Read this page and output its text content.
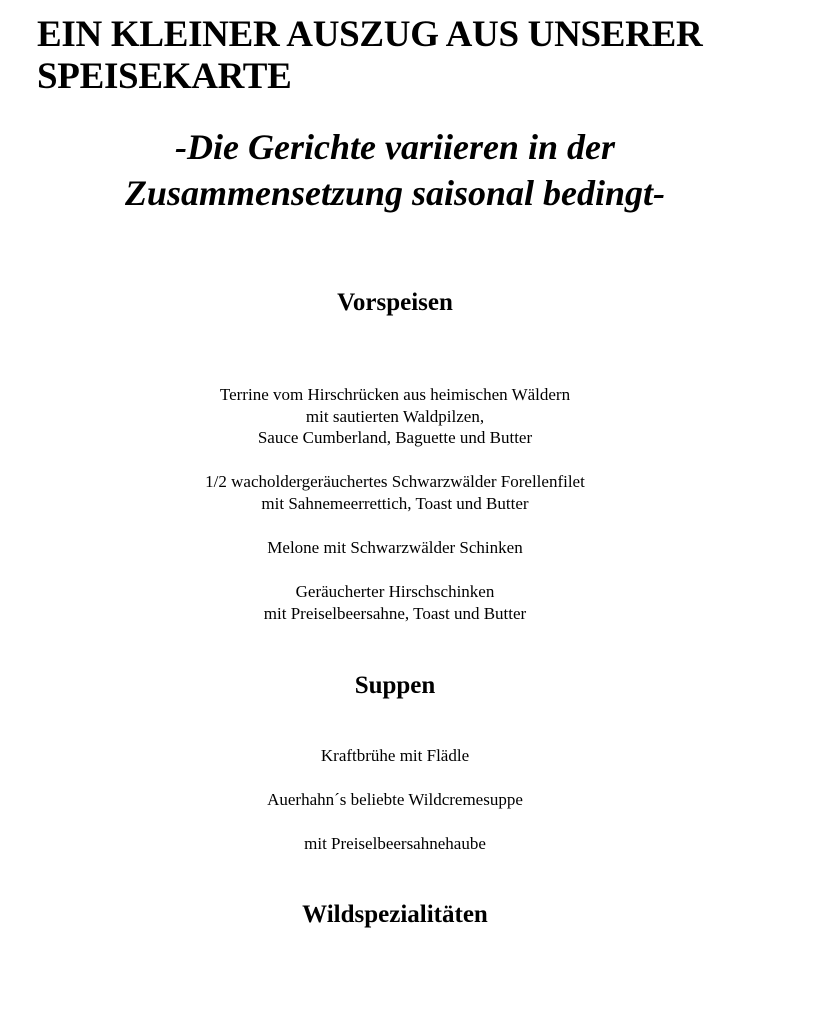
EIN KLEINER AUSZUG AUS UNSERER
SPEISEKARTE

-Die Gerichte variieren in der
Zusammensetzung saisonal bedingt-

Vorspeisen
Terrine vom Hirschrücken aus heimischen Wäldern
mit sautierten Waldpilzen,
Sauce Cumberland, Baguette und Butter
1/2 wacholdergeräuchertes Schwarzwälder Forellenfilet
mit Sahnemeerrettich, Toast und Butter
Melone mit Schwarzwälder Schinken
Geräucherter Hirschschinken
mit Preiselbeersahne, Toast und Butter
Suppen
Kraftbrühe mit Flädle
Auerhahn´s beliebte Wildcremesuppe
mit Preiselbeersahnehaube
Wildspezialitäten
